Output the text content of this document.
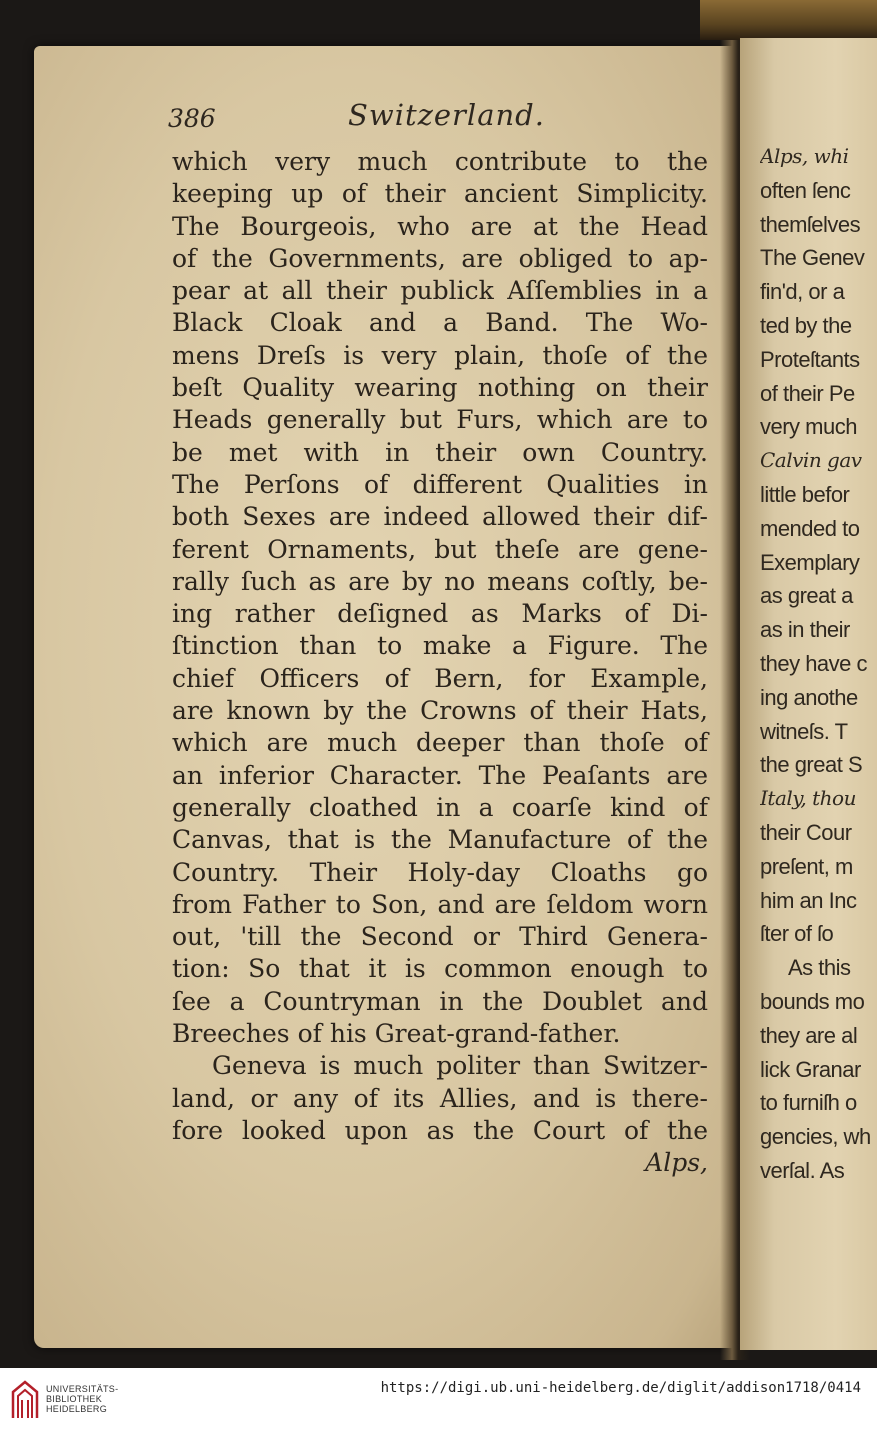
386	Switzerland.
which very much contribute to the
keeping up of their ancient Simplicity.
The Bourgeois, who are at the Head
of the Governments, are obliged to ap-
pear at all their publick Aſſemblies in a
Black Cloak and a Band. The Wo-
mens Dreſs is very plain, thoſe of the
beſt Quality wearing nothing on their
Heads generally but Furs, which are to
be met with in their own Country.
The Perſons of different Qualities in
both Sexes are indeed allowed their dif-
ferent Ornaments, but theſe are gene-
rally ſuch as are by no means coſtly, be-
ing rather deſigned as Marks of Di-
ſtinction than to make a Figure. The
chief Officers of Bern, for Example,
are known by the Crowns of their Hats,
which are much deeper than thoſe of
an inferior Character. The Peaſants are
generally cloathed in a coarſe kind of
Canvas, that is the Manufacture of the
Country. Their Holy-day Cloaths go
from Father to Son, and are ſeldom worn
out, 'till the Second or Third Genera-
tion: So that it is common enough to
ſee a Countryman in the Doublet and
Breeches of his Great-grand-father.
Geneva is much politer than Switzer-
land, or any of its Allies, and is there-
fore looked upon as the Court of the
Alps,
Alps, whi
often ſenc
themſelves
The Genev
fin'd, or a
ted by the
Proteſtants
of their Pe
very much
Calvin gav
little befor
mended to
Exemplary
as great a
as in their
they have c
ing anothe
witneſs. T
the great S
Italy, thou
their Cour
preſent, m
him an Inc
ſter of ſo
As this
bounds mo
they are al
lick Granar
to furniſh o
gencies, wh
verſal. As
UNIVERSITÄTS-
BIBLIOTHEK
HEIDELBERG
https://digi.ub.uni-heidelberg.de/diglit/addison1718/0414
